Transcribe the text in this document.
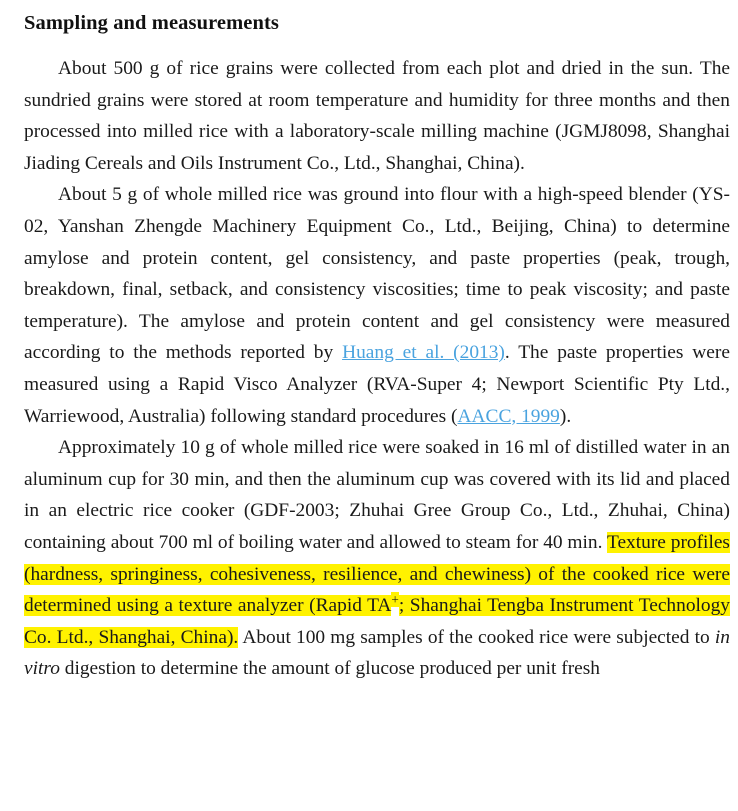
Sampling and measurements

About 500 g of rice grains were collected from each plot and dried in the sun. The sundried grains were stored at room temperature and humidity for three months and then processed into milled rice with a laboratory-scale milling machine (JGMJ8098, Shanghai Jiading Cereals and Oils Instrument Co., Ltd., Shanghai, China).

About 5 g of whole milled rice was ground into flour with a high-speed blender (YS-02, Yanshan Zhengde Machinery Equipment Co., Ltd., Beijing, China) to determine amylose and protein content, gel consistency, and paste properties (peak, trough, breakdown, final, setback, and consistency viscosities; time to peak viscosity; and paste temperature). The amylose and protein content and gel consistency were measured according to the methods reported by Huang et al. (2013). The paste properties were measured using a Rapid Visco Analyzer (RVA-Super 4; Newport Scientific Pty Ltd., Warriewood, Australia) following standard procedures (AACC, 1999).

Approximately 10 g of whole milled rice were soaked in 16 ml of distilled water in an aluminum cup for 30 min, and then the aluminum cup was covered with its lid and placed in an electric rice cooker (GDF-2003; Zhuhai Gree Group Co., Ltd., Zhuhai, China) containing about 700 ml of boiling water and allowed to steam for 40 min. Texture profiles (hardness, springiness, cohesiveness, resilience, and chewiness) of the cooked rice were determined using a texture analyzer (Rapid TA+; Shanghai Tengba Instrument Technology Co. Ltd., Shanghai, China). About 100 mg samples of the cooked rice were subjected to in vitro digestion to determine the amount of glucose produced per unit fresh
